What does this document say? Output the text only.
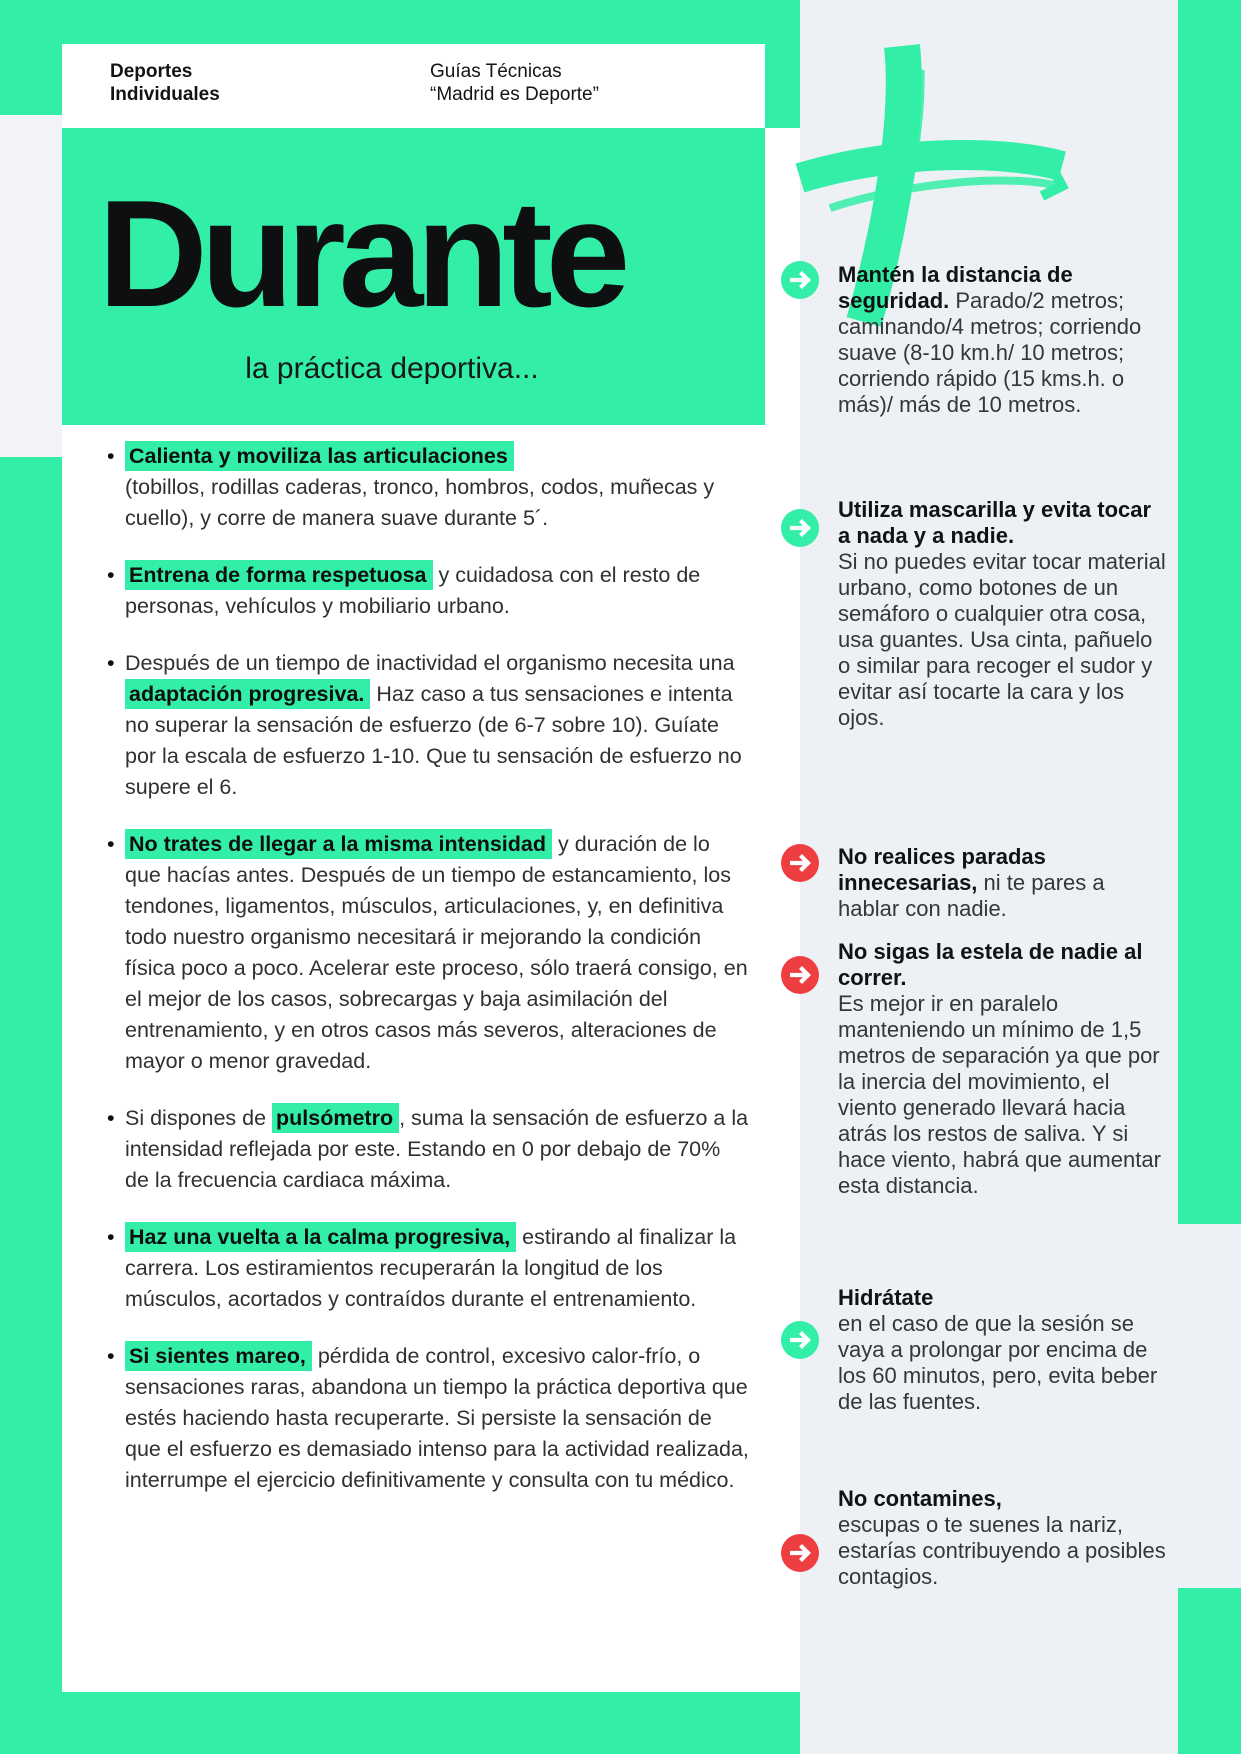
Deportes
Individuales
Guías Técnicas
“Madrid es Deporte”
Durante
la práctica deportiva...
• Calienta y moviliza las articulaciones
(tobillos, rodillas caderas, tronco, hombros, codos, muñecas y cuello), y corre de manera suave durante 5´.
• Entrena de forma respetuosa y cuidadosa con el resto de personas, vehículos y mobiliario urbano.
• Después de un tiempo de inactividad el organismo necesita una adaptación progresiva. Haz caso a tus sensaciones e intenta no superar la sensación de esfuerzo (de 6-7 sobre 10). Guíate por la escala de esfuerzo 1-10. Que tu sensación de esfuerzo no supere el 6.
• No trates de llegar a la misma intensidad y duración de lo que hacías antes. Después de un tiempo de estancamiento, los tendones, ligamentos, músculos, articulaciones, y, en definitiva todo nuestro organismo necesitará ir mejorando la condición física poco a poco. Acelerar este proceso, sólo traerá consigo, en el mejor de los casos, sobrecargas y baja asimilación del entrenamiento, y en otros casos más severos, alteraciones de mayor o menor gravedad.
• Si dispones de pulsómetro , suma la sensación de esfuerzo a la intensidad reflejada por este. Estando en 0 por debajo de 70% de la frecuencia cardiaca máxima.
• Haz una vuelta a la calma progresiva, estirando al finalizar la carrera. Los estiramientos recuperarán la longitud de los músculos, acortados y contraídos durante el entrenamiento.
• Si sientes mareo, pérdida de control, excesivo calor-frío, o sensaciones raras, abandona un tiempo la práctica deportiva que estés haciendo hasta recuperarte. Si persiste la sensación de que el esfuerzo es demasiado intenso para la actividad realizada, interrumpe el ejercicio definitivamente y consulta con tu médico.
Mantén la distancia de seguridad. Parado/2 metros; caminando/4 metros; corriendo suave (8-10 km.h/ 10 metros; corriendo rápido (15 kms.h. o más)/ más de 10 metros.
Utiliza mascarilla y evita tocar a nada y a nadie.
Si no puedes evitar tocar material urbano, como botones de un semáforo o cualquier otra cosa, usa guantes. Usa cinta, pañuelo o similar para recoger el sudor y evitar así tocarte la cara y los ojos.
No realices paradas innecesarias, ni te pares a hablar con nadie.
No sigas la estela de nadie al correr.
Es mejor ir en paralelo manteniendo un mínimo de 1,5 metros de separación ya que por la inercia del movimiento, el viento generado llevará hacia atrás los restos de saliva. Y si hace viento, habrá que aumentar esta distancia.
Hidrátate
en el caso de que la sesión se vaya a prolongar por encima de los 60 minutos, pero, evita beber de las fuentes.
No contamines,
escupas o te suenes la nariz, estarías contribuyendo a posibles contagios.
